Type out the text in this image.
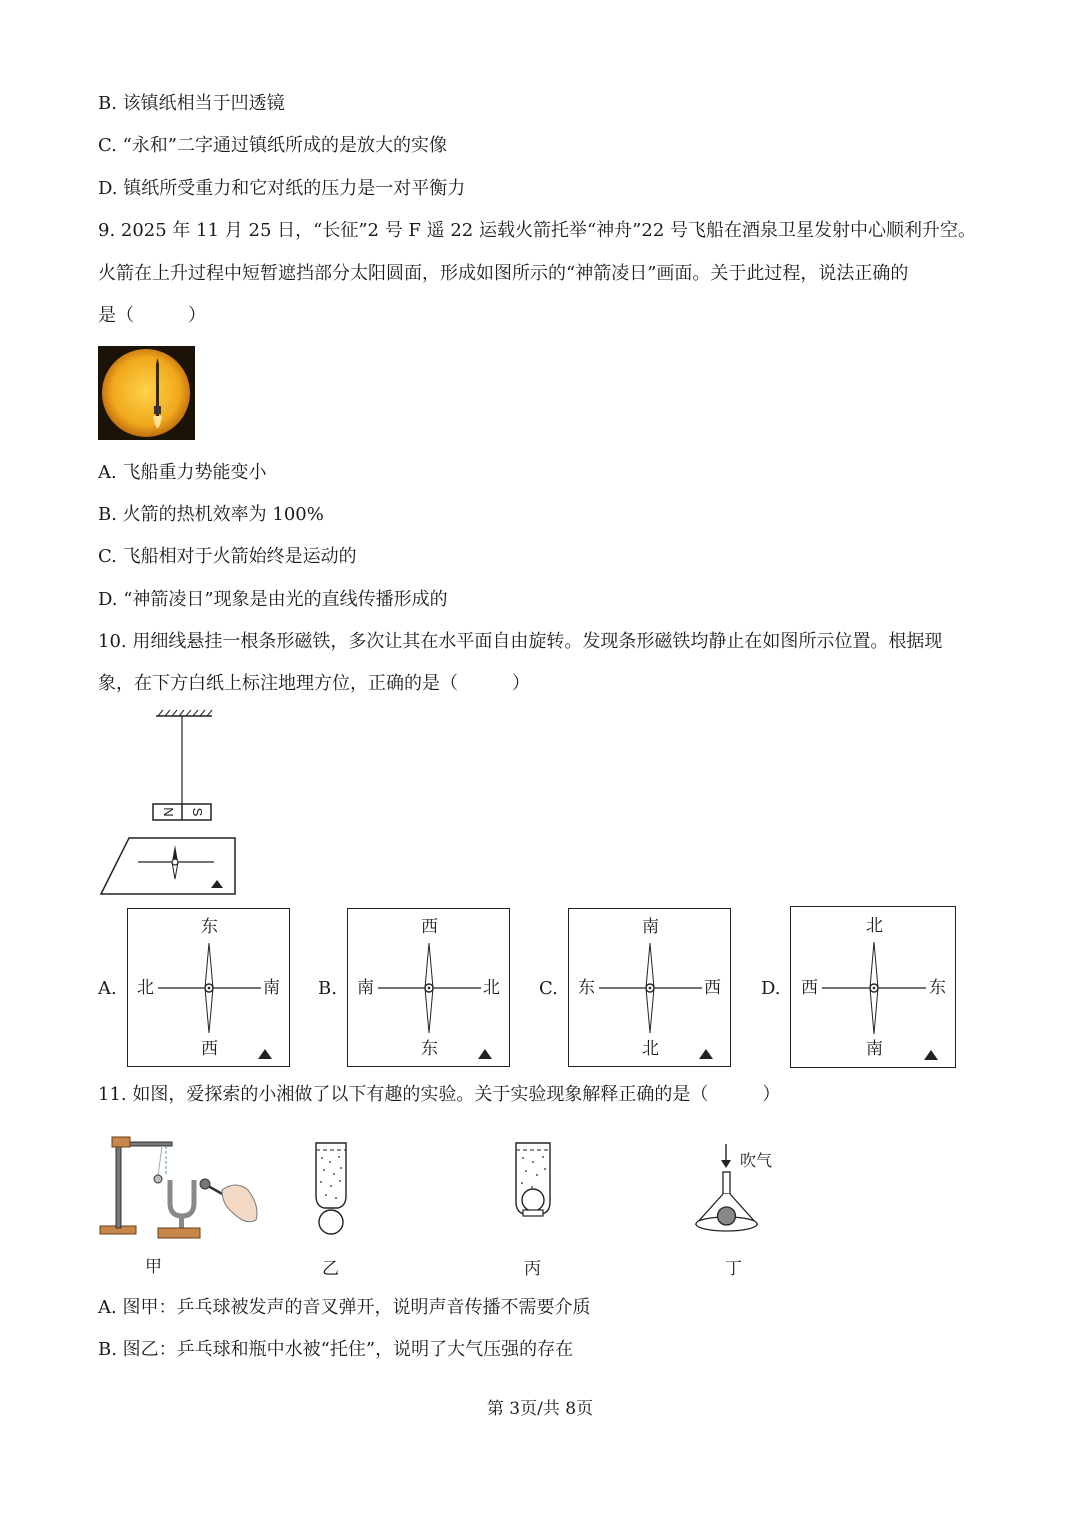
B. 该镇纸相当于凹透镜
C. “永和”二字通过镇纸所成的是放大的实像
D. 镇纸所受重力和它对纸的压力是一对平衡力
9. 2025 年 11 月 25 日，“长征”2 号 F 遥 22 运载火箭托举“神舟”22 号飞船在酒泉卫星发射中心顺利升空。
火箭在上升过程中短暂遮挡部分太阳圆面，形成如图所示的“神箭凌日”画面。关于此过程，说法正确的
是（　　　）
A. 飞船重力势能变小
B. 火箭的热机效率为 100%
C. 飞船相对于火箭始终是运动的
D. “神箭凌日”现象是由光的直线传播形成的
10. 用细线悬挂一根条形磁铁，多次让其在水平面自由旋转。发现条形磁铁均静止在如图所示位置。根据现
象，在下方白纸上标注地理方位，正确的是（　　　）
N S
A.
东
北	南
西
B.
西
南	北
东
C.
南
东	西
北
D.
北
西	东
南
11. 如图，爱探索的小湘做了以下有趣的实验。关于实验现象解释正确的是（　　　）
甲	乙	丙
吹气
丁
A. 图甲：乒乓球被发声的音叉弹开，说明声音传播不需要介质
B. 图乙：乒乓球和瓶中水被“托住”，说明了大气压强的存在
第 3页/共 8页
